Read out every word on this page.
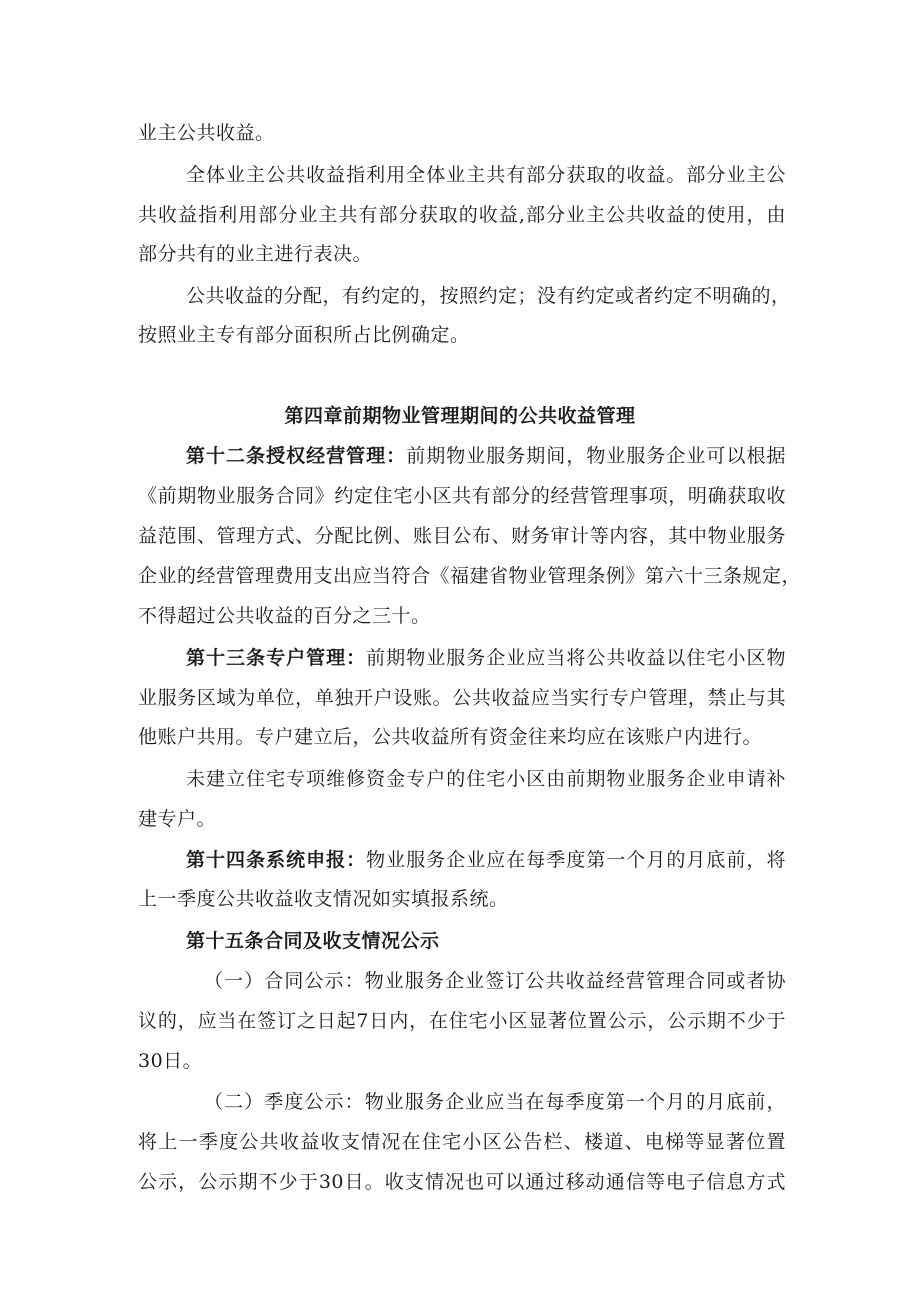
业主公共收益。
全体业主公共收益指利用全体业主共有部分获取的收益。部分业主公
共收益指利用部分业主共有部分获取的收益,部分业主公共收益的使用，由
部分共有的业主进行表决。
公共收益的分配，有约定的，按照约定；没有约定或者约定不明确的，
按照业主专有部分面积所占比例确定。
第四章前期物业管理期间的公共收益管理
第十二条授权经营管理：前期物业服务期间，物业服务企业可以根据
《前期物业服务合同》约定住宅小区共有部分的经营管理事项，明确获取收
益范围、管理方式、分配比例、账目公布、财务审计等内容，其中物业服务
企业的经营管理费用支出应当符合《福建省物业管理条例》第六十三条规定，
不得超过公共收益的百分之三十。
第十三条专户管理：前期物业服务企业应当将公共收益以住宅小区物
业服务区域为单位，单独开户设账。公共收益应当实行专户管理，禁止与其
他账户共用。专户建立后，公共收益所有资金往来均应在该账户内进行。
未建立住宅专项维修资金专户的住宅小区由前期物业服务企业申请补
建专户。
第十四条系统申报：物业服务企业应在每季度第一个月的月底前，将
上一季度公共收益收支情况如实填报系统。
第十五条合同及收支情况公示
（一）合同公示：物业服务企业签订公共收益经营管理合同或者协
议的，应当在签订之日起7日内，在住宅小区显著位置公示，公示期不少于
30日。
（二）季度公示：物业服务企业应当在每季度第一个月的月底前，
将上一季度公共收益收支情况在住宅小区公告栏、楼道、电梯等显著位置
公示，公示期不少于30日。收支情况也可以通过移动通信等电子信息方式
